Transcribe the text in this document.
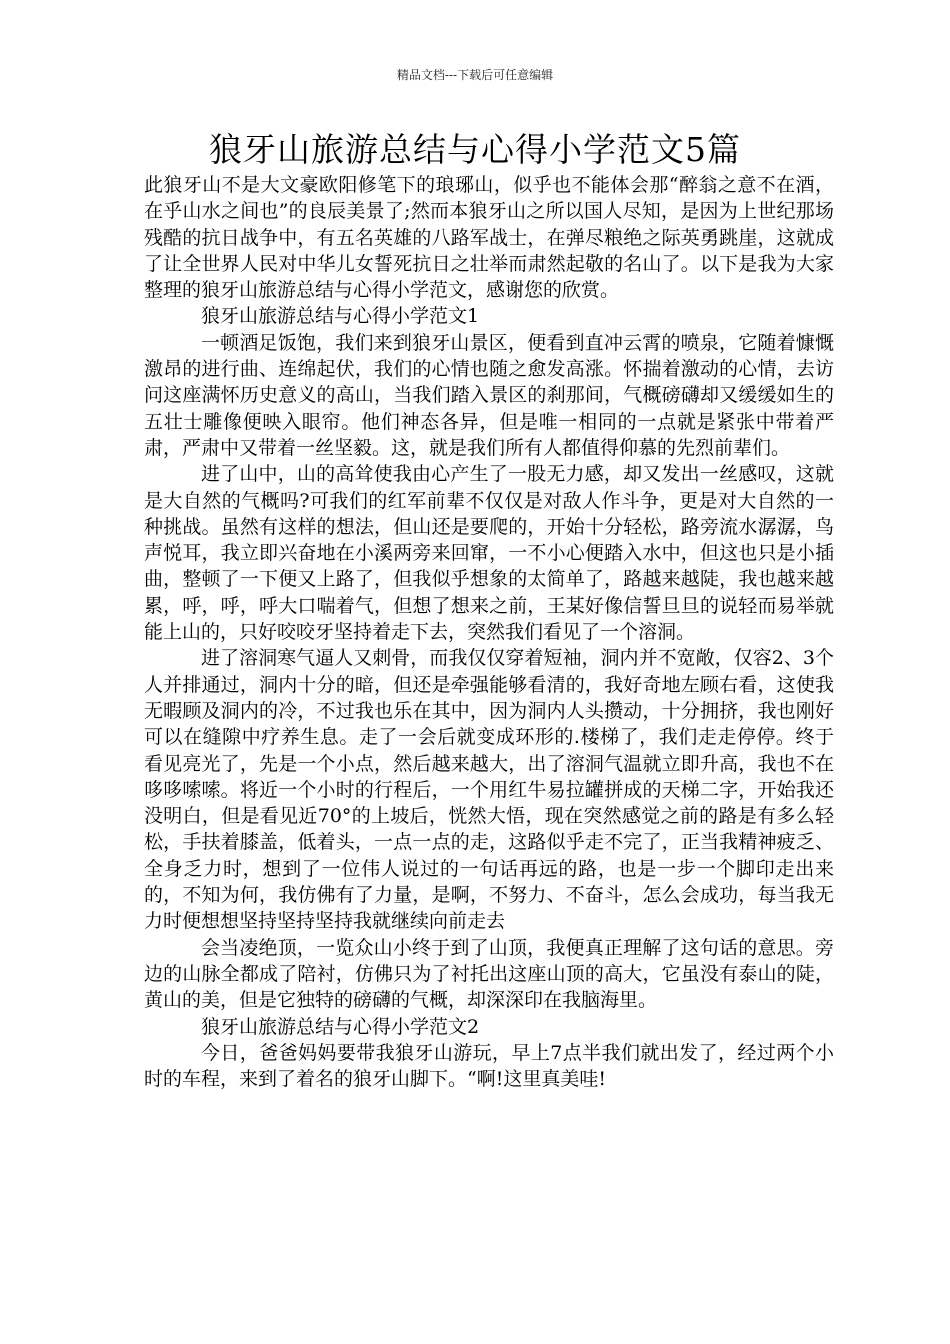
精品文档---下载后可任意编辑
狼牙山旅游总结与心得小学范文5篇

此狼牙山不是大文豪欧阳修笔下的琅琊山，似乎也不能体会那“醉翁之意不在酒，在乎山水之间也”的良辰美景了;然而本狼牙山之所以国人尽知，是因为上世纪那场残酷的抗日战争中，有五名英雄的八路军战士，在弹尽粮绝之际英勇跳崖，这就成了让全世界人民对中华儿女誓死抗日之壮举而肃然起敬的名山了。以下是我为大家整理的狼牙山旅游总结与心得小学范文，感谢您的欣赏。

狼牙山旅游总结与心得小学范文1

一顿酒足饭饱，我们来到狼牙山景区，便看到直冲云霄的喷泉，它随着慷慨激昂的进行曲、连绵起伏，我们的心情也随之愈发高涨。怀揣着激动的心情，去访问这座满怀历史意义的高山，当我们踏入景区的刹那间，气概磅礴却又缓缓如生的五壮士雕像便映入眼帘。他们神态各异，但是唯一相同的一点就是紧张中带着严肃，严肃中又带着一丝坚毅。这，就是我们所有人都值得仰慕的先烈前辈们。

进了山中，山的高耸使我由心产生了一股无力感，却又发出一丝感叹，这就是大自然的气概吗?可我们的红军前辈不仅仅是对敌人作斗争，更是对大自然的一种挑战。虽然有这样的想法，但山还是要爬的，开始十分轻松，路旁流水潺潺，鸟声悦耳，我立即兴奋地在小溪两旁来回窜，一不小心便踏入水中，但这也只是小插曲，整顿了一下便又上路了，但我似乎想象的太简单了，路越来越陡，我也越来越累，呼，呼，呼大口喘着气，但想了想来之前，王某好像信誓旦旦的说轻而易举就能上山的，只好咬咬牙坚持着走下去，突然我们看见了一个溶洞。

进了溶洞寒气逼人又刺骨，而我仅仅穿着短袖，洞内并不宽敞，仅容2、3个人并排通过，洞内十分的暗，但还是牵强能够看清的，我好奇地左顾右看，这使我无暇顾及洞内的冷，不过我也乐在其中，因为洞内人头攒动，十分拥挤，我也刚好可以在缝隙中疗养生息。走了一会后就变成环形的.楼梯了，我们走走停停。终于看见亮光了，先是一个小点，然后越来越大，出了溶洞气温就立即升高，我也不在哆哆嗦嗦。将近一个小时的行程后，一个用红牛易拉罐拼成的天梯二字，开始我还没明白，但是看见近70°的上坡后，恍然大悟，现在突然感觉之前的路是有多么轻松，手扶着膝盖，低着头，一点一点的走，这路似乎走不完了，正当我精神疲乏、全身乏力时，想到了一位伟人说过的一句话再远的路，也是一步一个脚印走出来的，不知为何，我仿佛有了力量，是啊，不努力、不奋斗，怎么会成功，每当我无力时便想想坚持坚持坚持我就继续向前走去

会当凌绝顶，一览众山小终于到了山顶，我便真正理解了这句话的意思。旁边的山脉全都成了陪衬，仿佛只为了衬托出这座山顶的高大，它虽没有泰山的陡，黄山的美，但是它独特的磅礴的气概，却深深印在我脑海里。

狼牙山旅游总结与心得小学范文2

今日，爸爸妈妈要带我狼牙山游玩，早上7点半我们就出发了，经过两个小时的车程，来到了着名的狼牙山脚下。“啊!这里真美哇!
